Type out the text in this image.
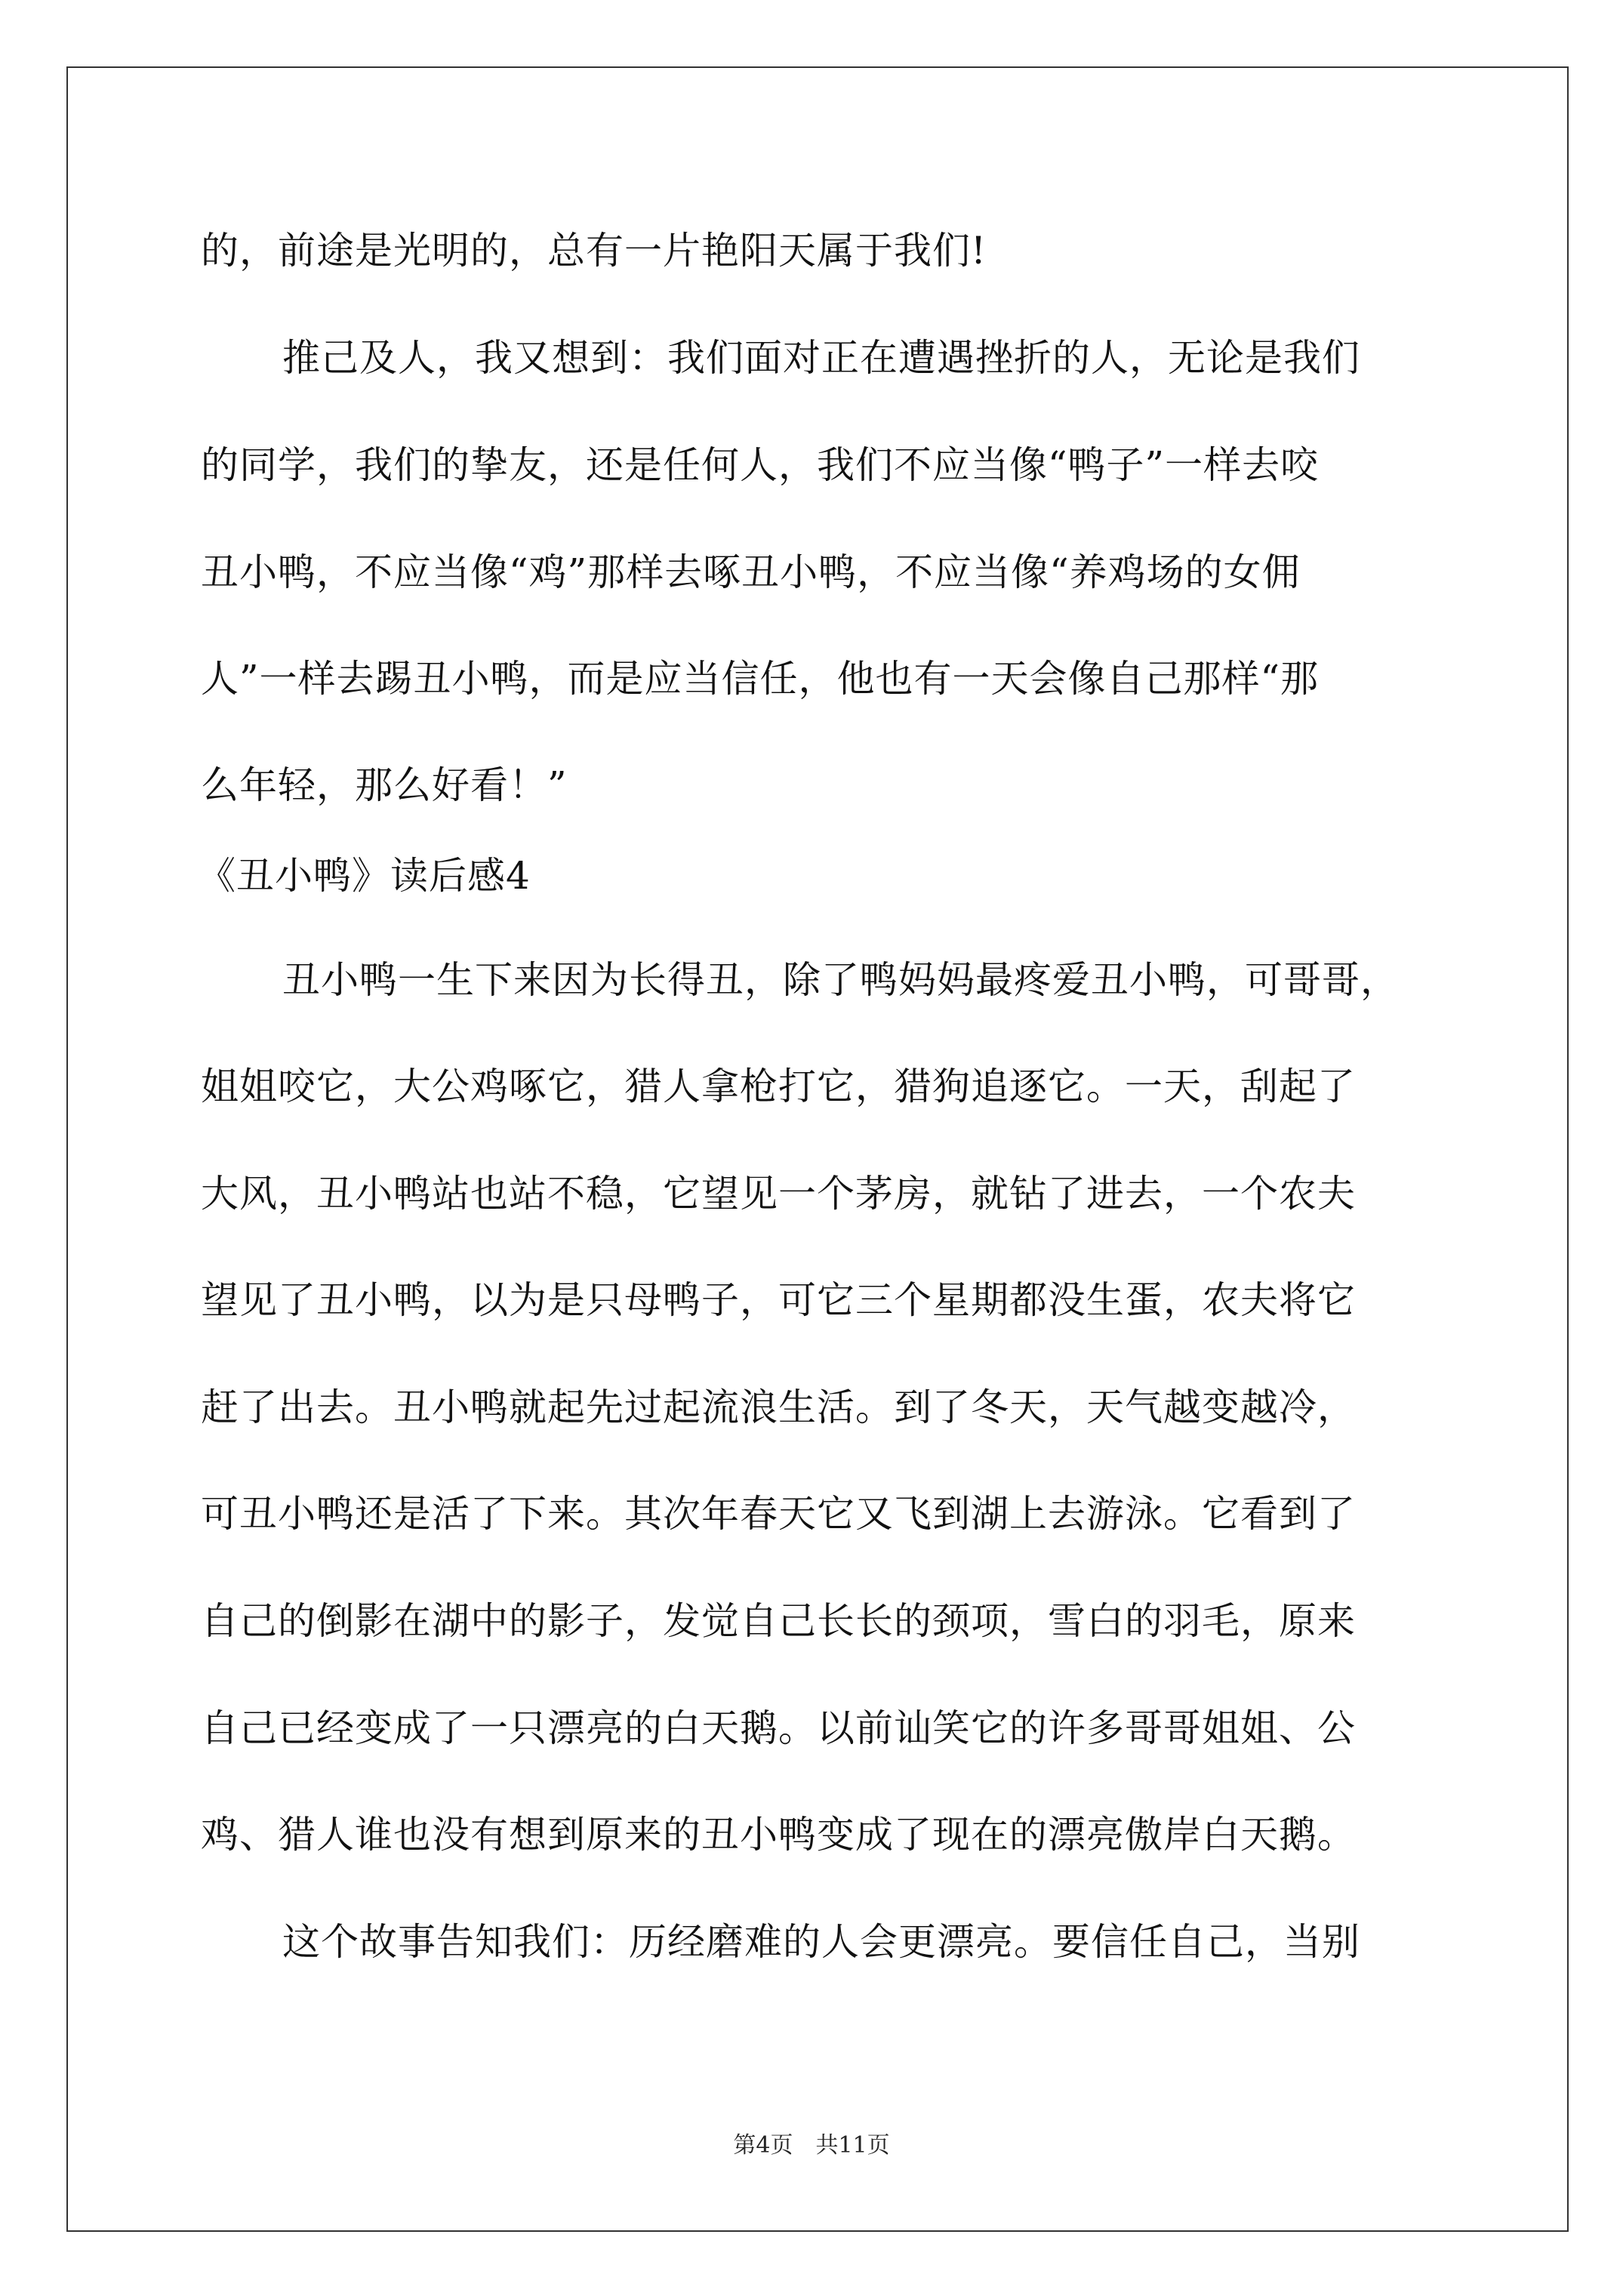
的，前途是光明的，总有一片艳阳天属于我们!
推己及人，我又想到：我们面对正在遭遇挫折的人，无论是我们
的同学，我们的挚友，还是任何人，我们不应当像“鸭子”一样去咬
丑小鸭，不应当像“鸡”那样去啄丑小鸭，不应当像“养鸡场的女佣
人”一样去踢丑小鸭，而是应当信任，他也有一天会像自己那样“那
么年轻，那么好看！”
《丑小鸭》读后感4
丑小鸭一生下来因为长得丑，除了鸭妈妈最疼爱丑小鸭，可哥哥，
姐姐咬它，大公鸡啄它，猎人拿枪打它，猎狗追逐它。一天，刮起了
大风，丑小鸭站也站不稳，它望见一个茅房，就钻了进去，一个农夫
望见了丑小鸭，以为是只母鸭子，可它三个星期都没生蛋，农夫将它
赶了出去。丑小鸭就起先过起流浪生活。到了冬天，天气越变越冷，
可丑小鸭还是活了下来。其次年春天它又飞到湖上去游泳。它看到了
自己的倒影在湖中的影子，发觉自己长长的颈项，雪白的羽毛，原来
自己已经变成了一只漂亮的白天鹅。以前讪笑它的许多哥哥姐姐、公
鸡、猎人谁也没有想到原来的丑小鸭变成了现在的漂亮傲岸白天鹅。
这个故事告知我们：历经磨难的人会更漂亮。要信任自己，当别
第4页　共11页
